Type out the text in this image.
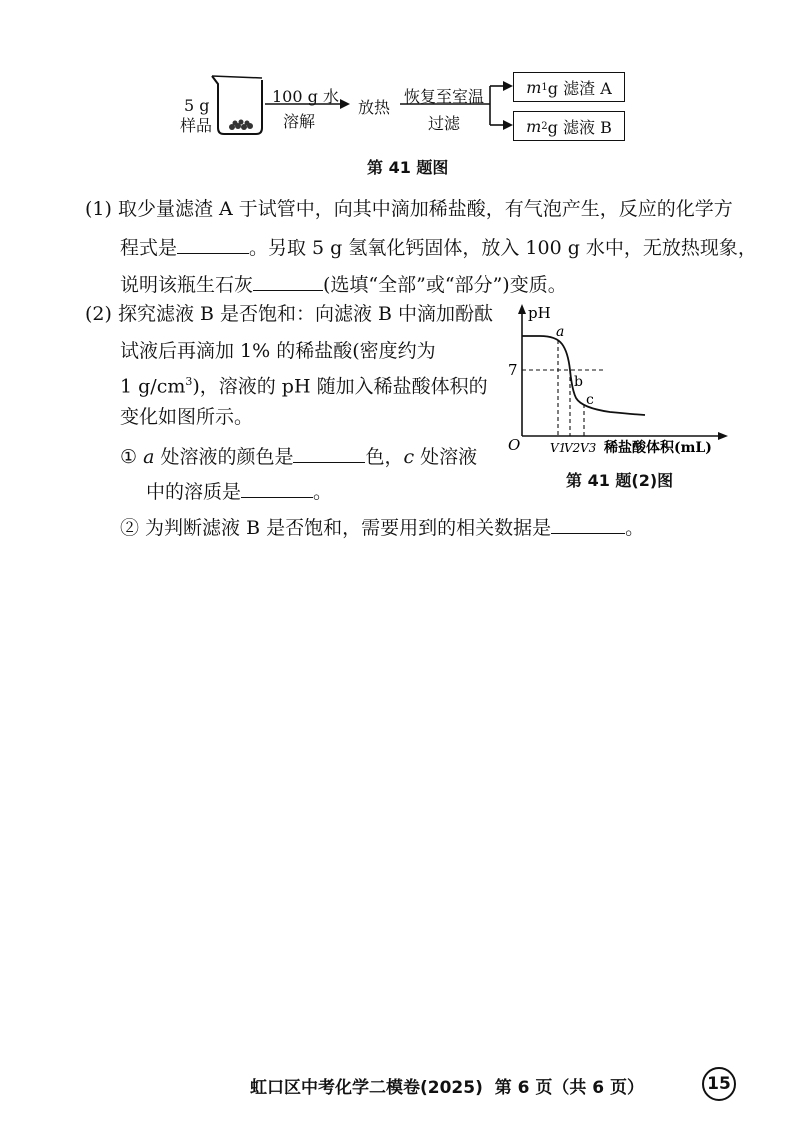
5 g
样品
100 g 水
溶解
放热
恢复至室温
过滤
m 1 g 滤渣 A
m 2 g 滤液 B
第 41 题图
(1) 取少量滤渣 A 于试管中，向其中滴加稀盐酸，有气泡产生，反应的化学方
程式是	。另取 5 g 氢氧化钙固体，放入 100 g 水中，无放热现象，
说明该瓶生石灰	(选填“全部”或“部分”)变质。
(2) 探究滤液 B 是否饱和：向滤液 B 中滴加酚酞
试液后再滴加 1% 的稀盐酸(密度约为
1 $g/cm^3$)，溶液的 pH 随加入稀盐酸体积的
变化如图所示。
① a 处溶液的颜色是	色，c 处溶液
中的溶质是	。
② 为判断滤液 B 是否饱和，需要用到的相关数据是	。
pH
7
O
a
b
c
V1
V2 V3 稀盐酸体积(mL)
第 41 题(2)图
虹口区中考化学二模卷(2025)  第 6 页（共 6 页）	15
